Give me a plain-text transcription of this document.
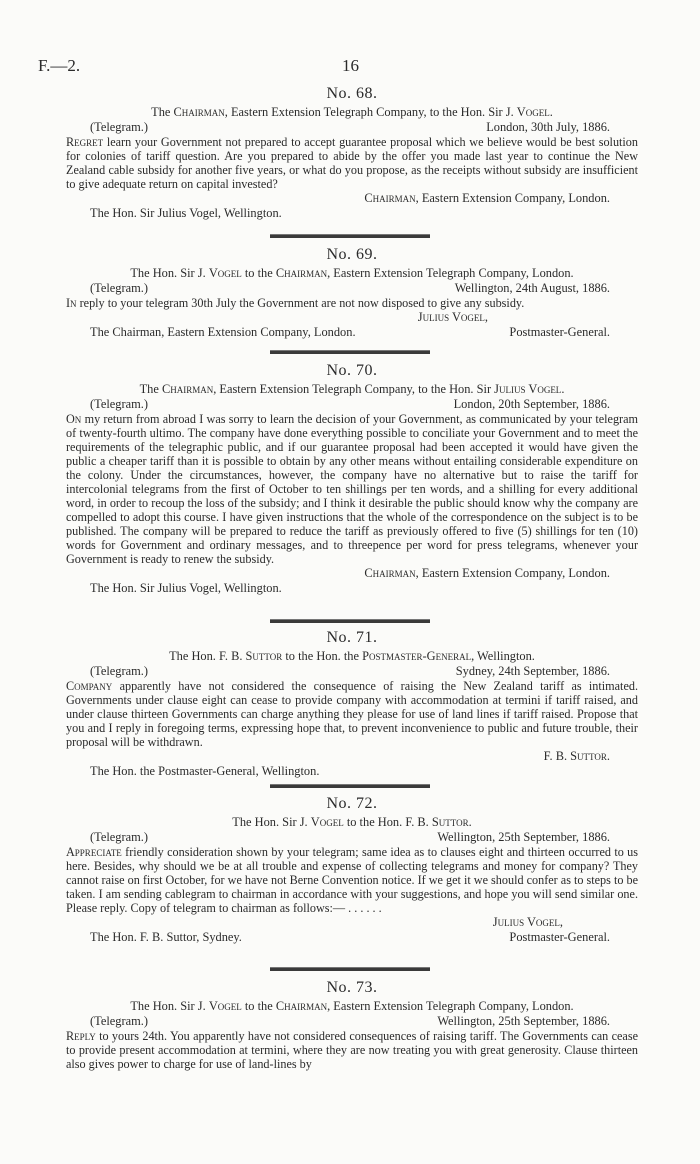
F.—2.	16
No. 68.
The Chairman, Eastern Extension Telegraph Company, to the Hon. Sir J. Vogel.
(Telegram.)	London, 30th July, 1886.

Regret learn your Government not prepared to accept guarantee proposal which we believe would be best solution for colonies of tariff question. Are you prepared to abide by the offer you made last year to continue the New Zealand cable subsidy for another five years, or what do you propose, as the receipts without subsidy are insufficient to give adequate return on capital invested?

Chairman, Eastern Extension Company, London.
The Hon. Sir Julius Vogel, Wellington.
No. 69.
The Hon. Sir J. Vogel to the Chairman, Eastern Extension Telegraph Company, London.
(Telegram.)	Wellington, 24th August, 1886.

In reply to your telegram 30th July the Government are not now disposed to give any subsidy.

Julius Vogel,
The Chairman, Eastern Extension Company, London.	Postmaster-General.
No. 70.
The Chairman, Eastern Extension Telegraph Company, to the Hon. Sir Julius Vogel.
(Telegram.)	London, 20th September, 1886.

On my return from abroad I was sorry to learn the decision of your Government, as communicated by your telegram of twenty-fourth ultimo. The company have done everything possible to conciliate your Government and to meet the requirements of the telegraphic public, and if our guarantee proposal had been accepted it would have given the public a cheaper tariff than it is possible to obtain by any other means without entailing considerable expenditure on the colony. Under the circumstances, however, the company have no alternative but to raise the tariff for intercolonial telegrams from the first of October to ten shillings per ten words, and a shilling for every additional word, in order to recoup the loss of the subsidy; and I think it desirable the public should know why the company are compelled to adopt this course. I have given instructions that the whole of the correspondence on the subject is to be published. The company will be prepared to reduce the tariff as previously offered to five (5) shillings for ten (10) words for Government and ordinary messages, and to threepence per word for press telegrams, whenever your Government is ready to renew the subsidy.

Chairman, Eastern Extension Company, London.
The Hon. Sir Julius Vogel, Wellington.
No. 71.
The Hon. F. B. Suttor to the Hon. the Postmaster-General, Wellington.
(Telegram.)	Sydney, 24th September, 1886.

Company apparently have not considered the consequence of raising the New Zealand tariff as intimated. Governments under clause eight can cease to provide company with accommodation at termini if tariff raised, and under clause thirteen Governments can charge anything they please for use of land lines if tariff raised. Propose that you and I reply in foregoing terms, expressing hope that, to prevent inconvenience to public and future trouble, their proposal will be withdrawn.

F. B. Suttor.
The Hon. the Postmaster-General, Wellington.
No. 72.
The Hon. Sir J. Vogel to the Hon. F. B. Suttor.
(Telegram.)	Wellington, 25th September, 1886.

Appreciate friendly consideration shown by your telegram; same idea as to clauses eight and thirteen occurred to us here. Besides, why should we be at all trouble and expense of collecting telegrams and money for company? They cannot raise on first October, for we have not Berne Convention notice. If we get it we should confer as to steps to be taken. I am sending cablegram to chairman in accordance with your suggestions, and hope you will send similar one. Please reply. Copy of telegram to chairman as follows:— . . . . . .

Julius Vogel,
The Hon. F. B. Suttor, Sydney.	Postmaster-General.
No. 73.
The Hon. Sir J. Vogel to the Chairman, Eastern Extension Telegraph Company, London.
(Telegram.)	Wellington, 25th September, 1886.

Reply to yours 24th. You apparently have not considered consequences of raising tariff. The Governments can cease to provide present accommodation at termini, where they are now treating you with great generosity. Clause thirteen also gives power to charge for use of land-lines by
